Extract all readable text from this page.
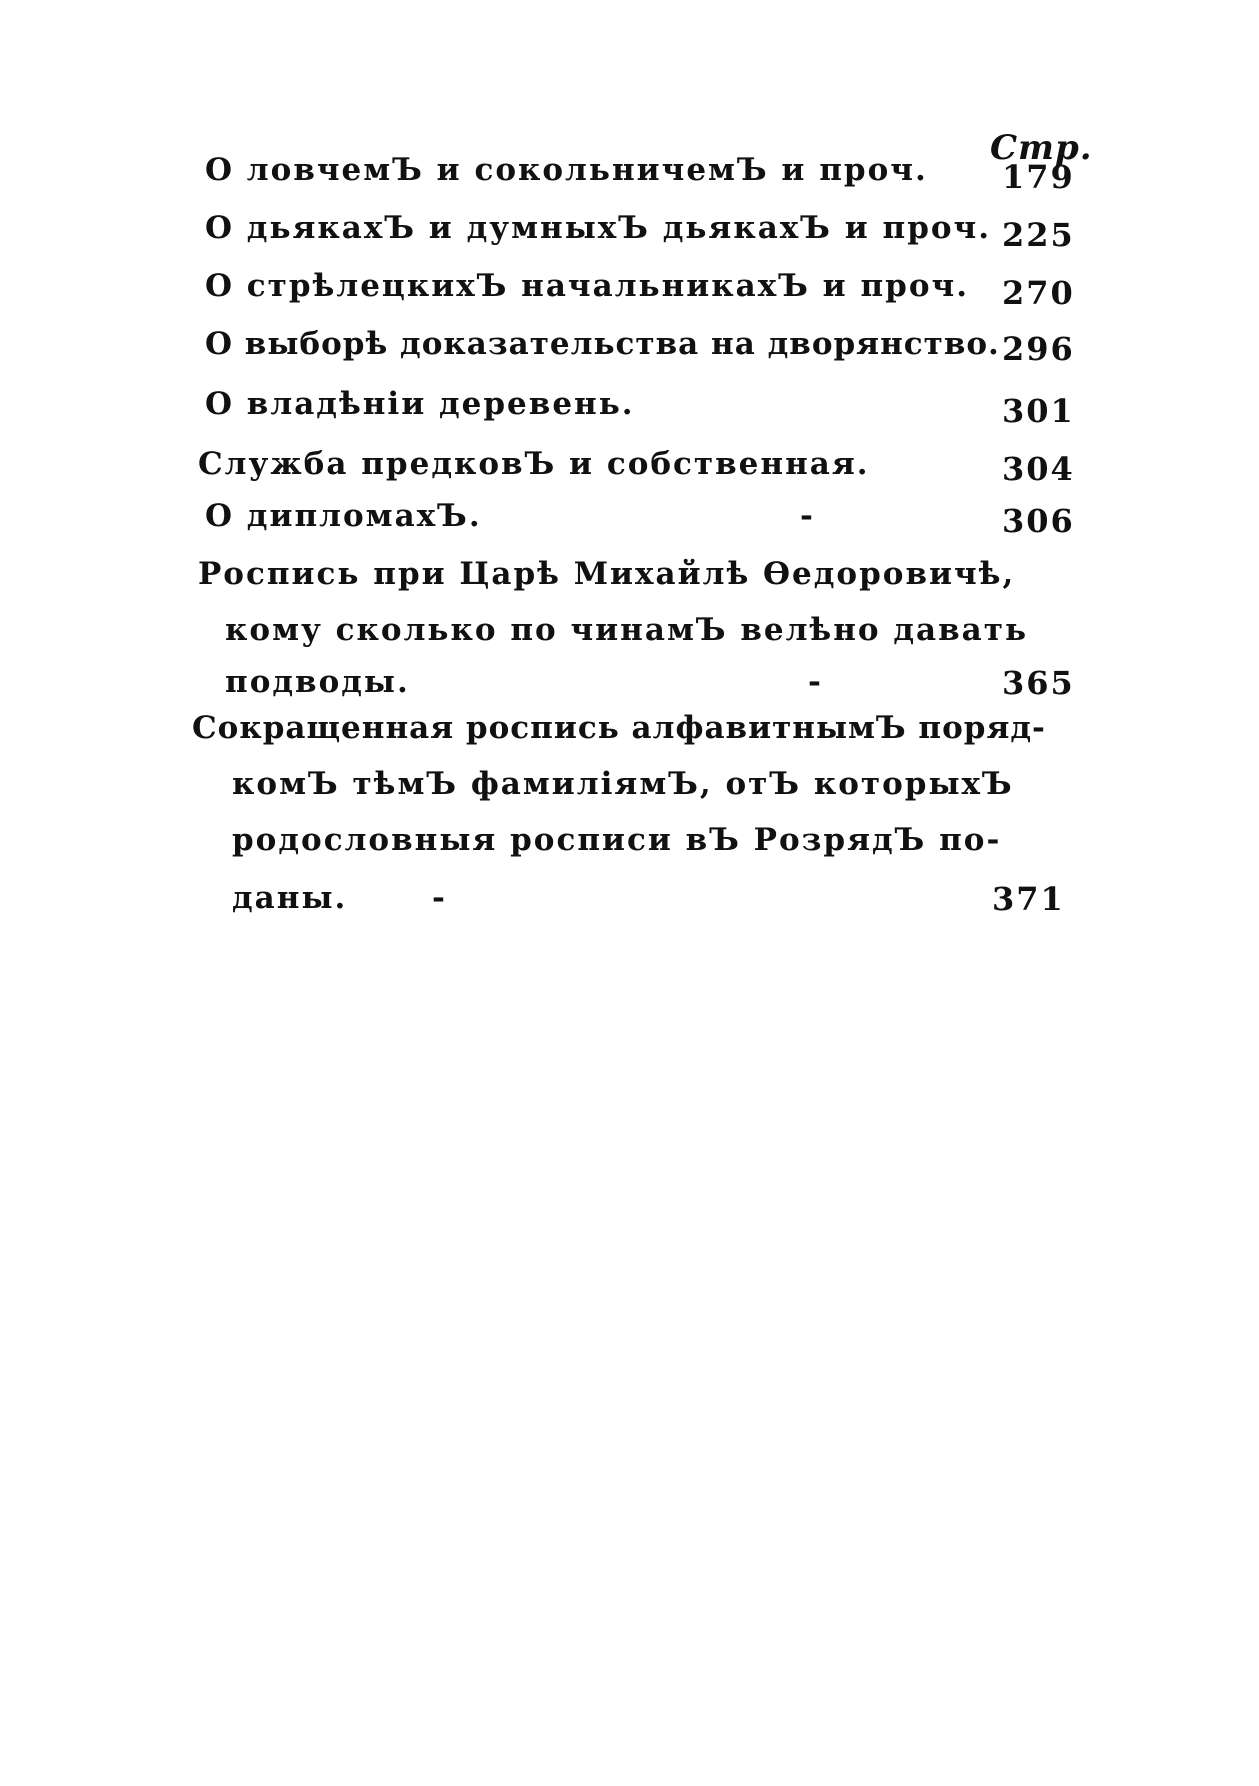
Стр.
О ловчемЪ и сокольничемЪ и проч. 179
О дьякахЪ и думныхЪ дьякахЪ и проч. 225
О стрѣлецкихЪ начальникахЪ и проч. 270
О выборѣ доказательства на дворянство. 296
О владѣніи деревень.	301
Служба предковЪ и собственная.	304
О дипломахЪ.	-	306
Роспись при Царѣ Михайлѣ Ѳедоровичѣ,
кому сколько по чинамЪ велѣно давать
подводы.	-	365
Сокращенная роспись алфавитнымЪ поряд-
комЪ тѣмЪ фамиліямЪ, отЪ которыхЪ
родословныя росписи вЪ РозрядЪ по-
даны.	-	371
